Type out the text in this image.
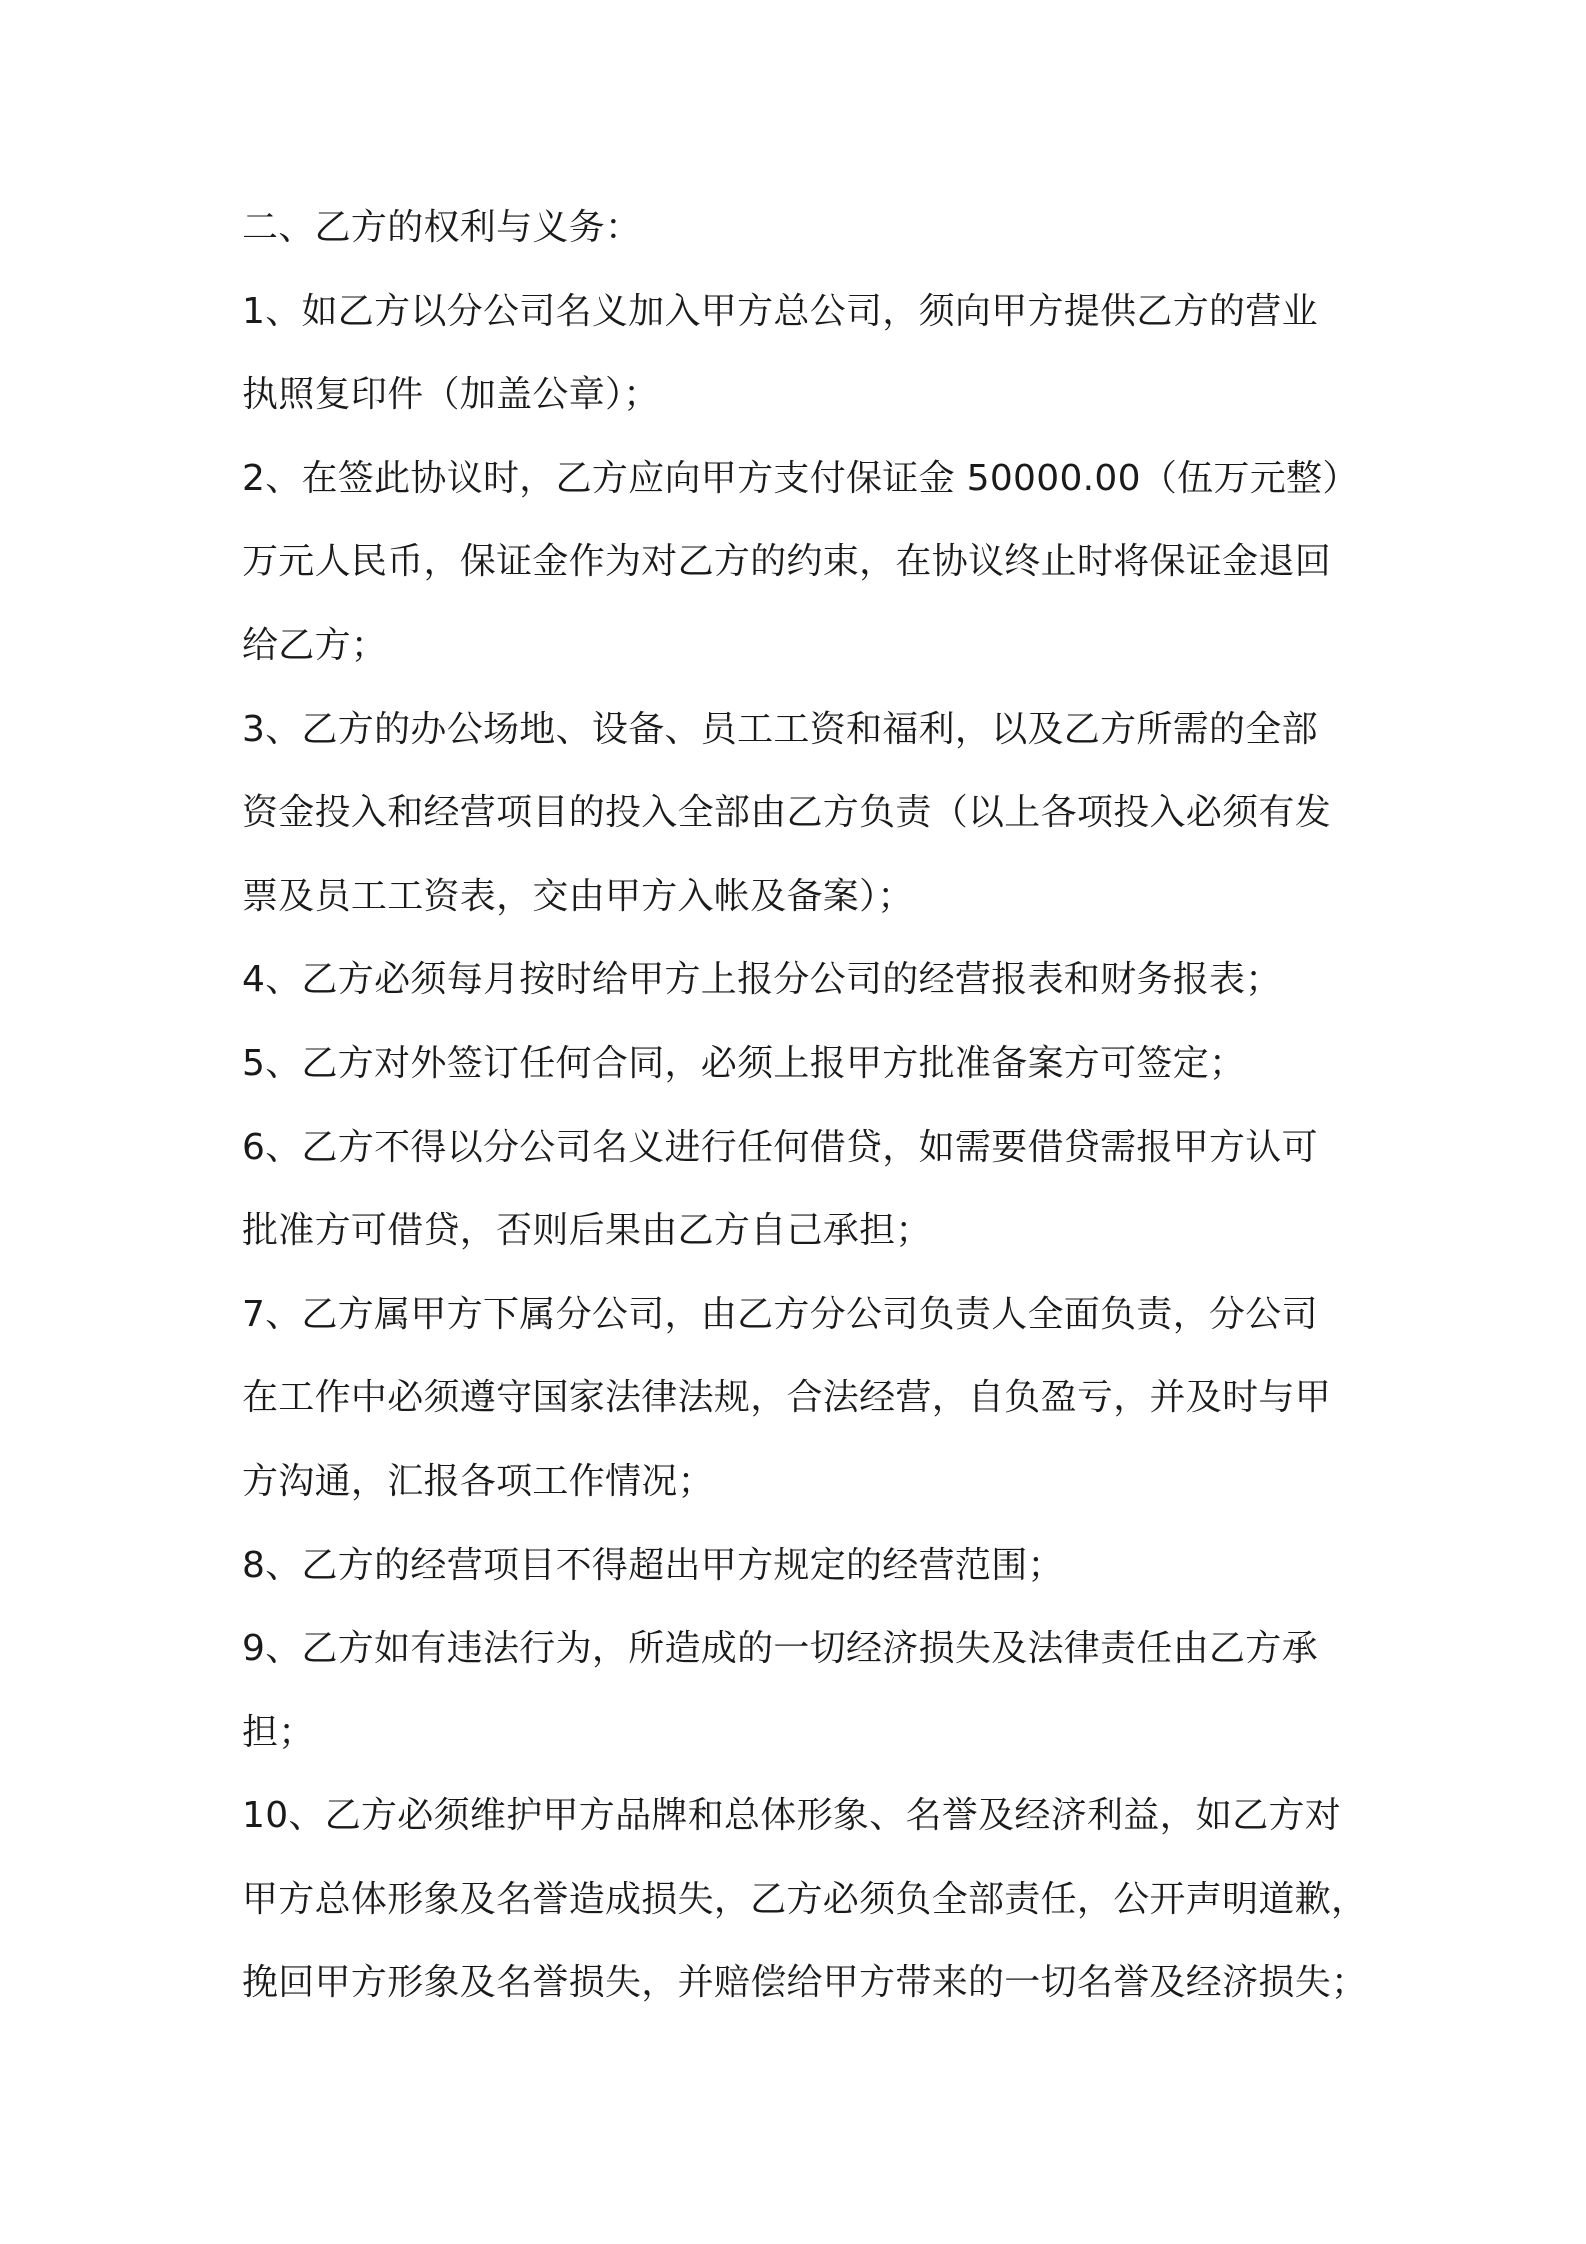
二、乙方的权利与义务：
1、如乙方以分公司名义加入甲方总公司，须向甲方提供乙方的营业
执照复印件（加盖公章）；
2、在签此协议时，乙方应向甲方支付保证金 50000.00（伍万元整）
万元人民币，保证金作为对乙方的约束，在协议终止时将保证金退回
给乙方；
3、乙方的办公场地、设备、员工工资和福利，以及乙方所需的全部
资金投入和经营项目的投入全部由乙方负责（以上各项投入必须有发
票及员工工资表，交由甲方入帐及备案）；
4、乙方必须每月按时给甲方上报分公司的经营报表和财务报表；
5、乙方对外签订任何合同，必须上报甲方批准备案方可签定；
6、乙方不得以分公司名义进行任何借贷，如需要借贷需报甲方认可
批准方可借贷，否则后果由乙方自己承担；
7、乙方属甲方下属分公司，由乙方分公司负责人全面负责，分公司
在工作中必须遵守国家法律法规，合法经营，自负盈亏，并及时与甲
方沟通，汇报各项工作情况；
8、乙方的经营项目不得超出甲方规定的经营范围；
9、乙方如有违法行为，所造成的一切经济损失及法律责任由乙方承
担；
10、乙方必须维护甲方品牌和总体形象、名誉及经济利益，如乙方对
甲方总体形象及名誉造成损失，乙方必须负全部责任，公开声明道歉，
挽回甲方形象及名誉损失，并赔偿给甲方带来的一切名誉及经济损失；
